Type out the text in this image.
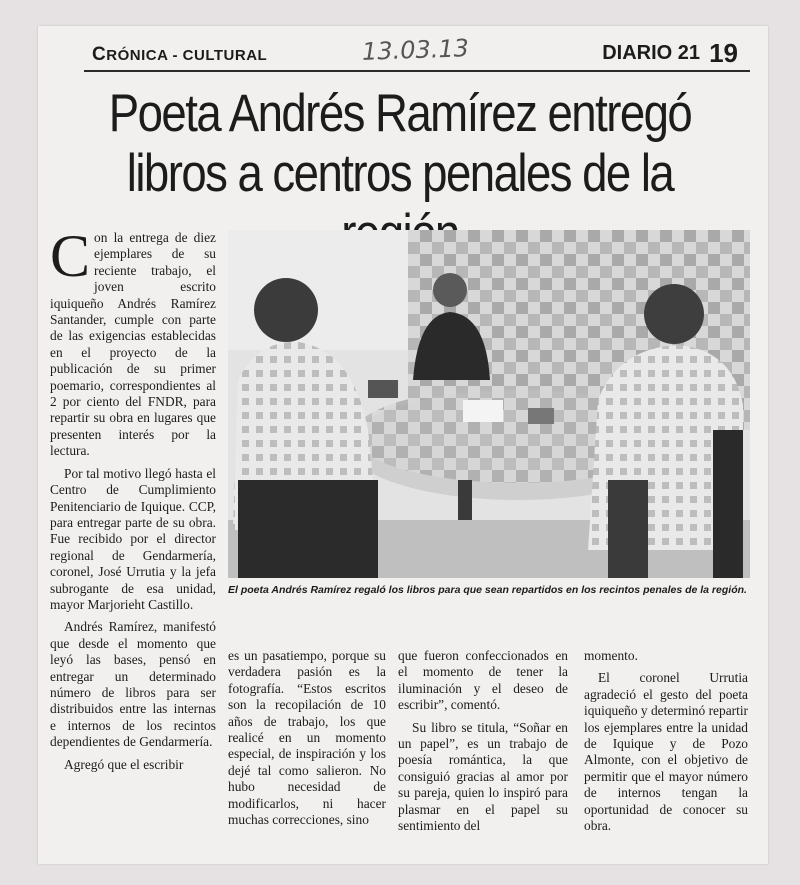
CRÓNICA - CULTURAL	13.03.13	DIARIO 21 19
Poeta Andrés Ramírez entregó
libros a centros penales de la

Con la entrega de diez ejemplares de su reciente trabajo, el joven escrito iquiqueño Andrés Ramírez Santander, cumple con parte de las exigencias establecidas en el proyecto de la publicación de su primer poemario, correspondientes al 2 por ciento del FNDR, para repartir su obra en lugares que presenten interés por la lectura.

Por tal motivo llegó hasta el Centro de Cumplimiento Penitenciario de Iquique. CCP, para entregar parte de su obra. Fue recibido por el director regional de Gendarmería, coronel, José Urrutia y la jefa subrogante de esa unidad, mayor Marjorieht Castillo.

Andrés Ramírez, manifestó que desde el momento que leyó las bases, pensó en entregar un determinado número de libros para ser distribuidos entre las internas e internos de los recintos dependientes de Gendarmería.

Agregó que el escribir

El poeta Andrés Ramírez regaló los libros para que sean repartidos en los recintos penales de la región.

es un pasatiempo, porque su verdadera pasión es la fotografía. “Estos escritos son la recopilación de 10 años de trabajo, los que realicé en un momento especial, de inspiración y los dejé tal como salieron. No hubo necesidad de modificarlos, ni hacer muchas correcciones, sino

que fueron confeccionados en el momento de tener la iluminación y el deseo de escribir”, comentó.

Su libro se titula, “Soñar en un papel”, es un trabajo de poesía romántica, la que consiguió gracias al amor por su pareja, quien lo inspiró para plasmar en el papel su sentimiento del

momento.

El coronel Urrutia agradeció el gesto del poeta iquiqueño y determinó repartir los ejemplares entre la unidad de Iquique y de Pozo Almonte, con el objetivo de permitir que el mayor número de internos tengan la oportunidad de conocer su obra.
